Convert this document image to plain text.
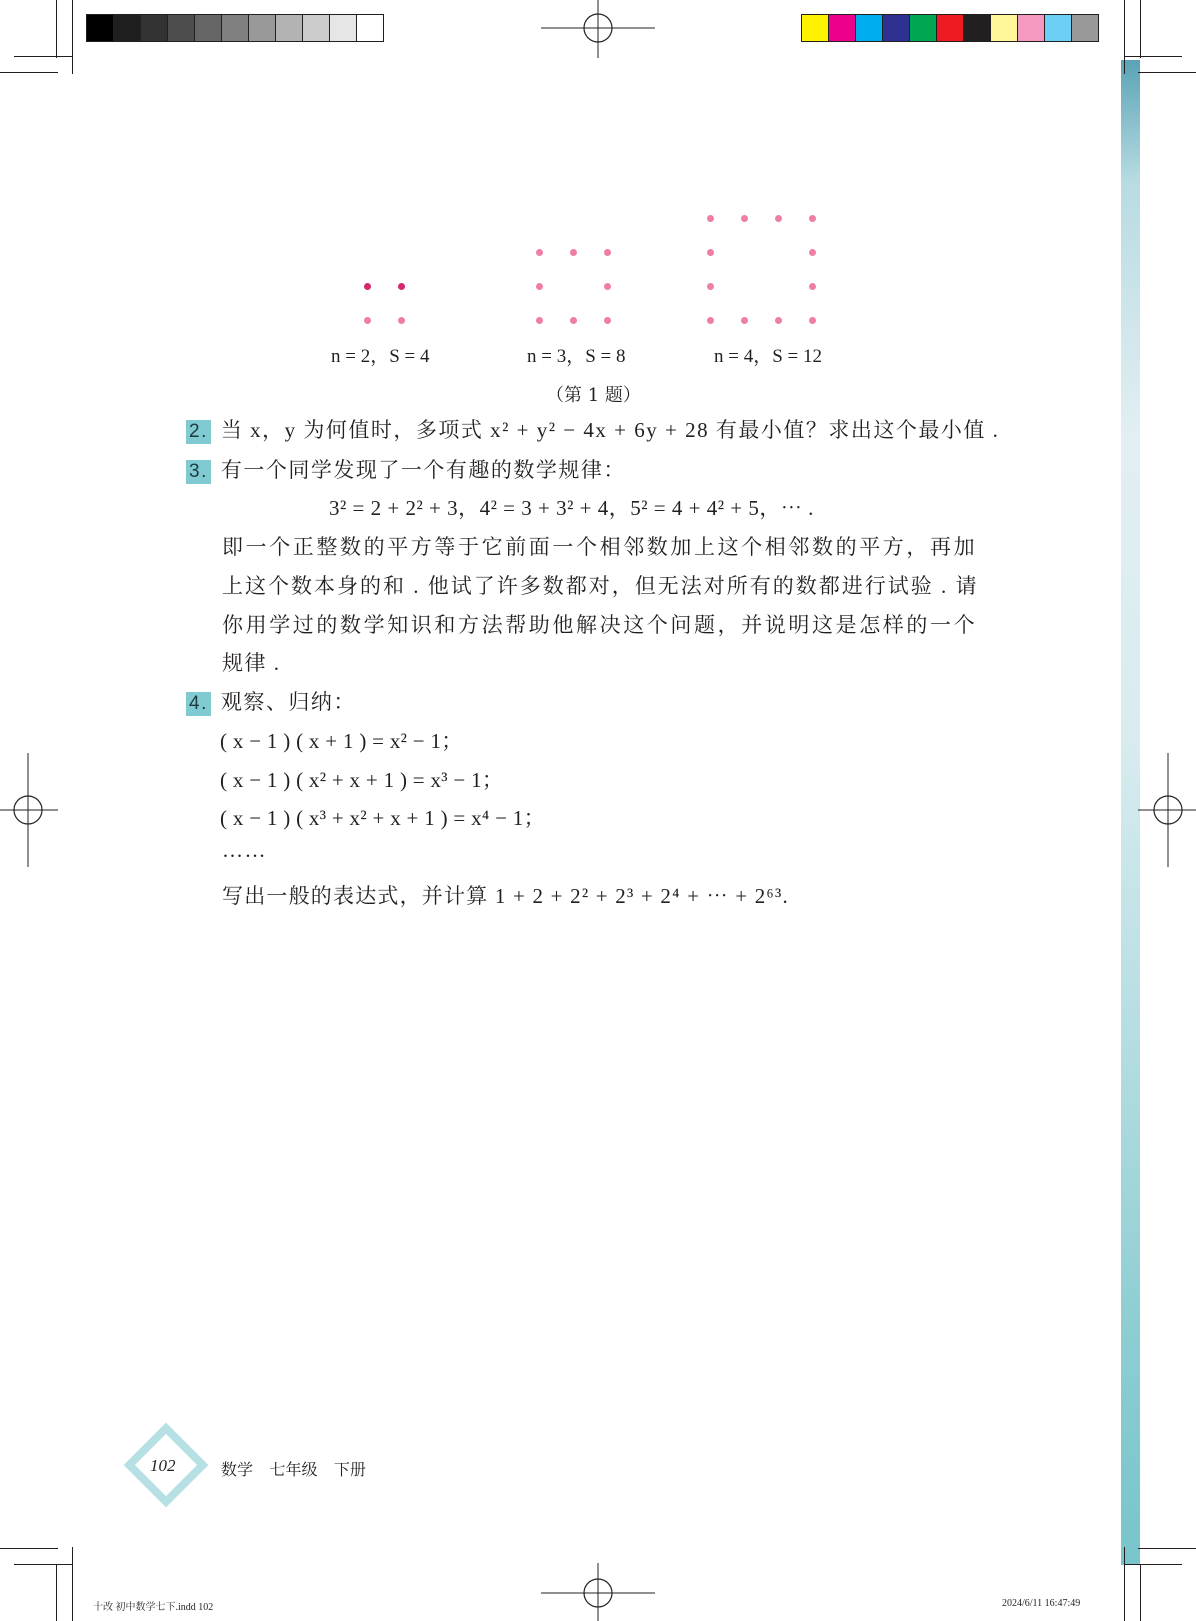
n = 2，S = 4	n = 3，S = 8	n = 4，S = 12
（第 1 题）
2. 当 x，y 为何值时，多项式 x² + y² − 4x + 6y + 28 有最小值？求出这个最小值 .
3. 有一个同学发现了一个有趣的数学规律：
3² = 2 + 2² + 3，4² = 3 + 3² + 4，5² = 4 + 4² + 5，⋯ .
即一个正整数的平方等于它前面一个相邻数加上这个相邻数的平方，再加
上这个数本身的和 . 他试了许多数都对，但无法对所有的数都进行试验 . 请
你用学过的数学知识和方法帮助他解决这个问题，并说明这是怎样的一个
规律 .
4. 观察、归纳：
( x − 1 ) ( x + 1 ) = x² − 1；
( x − 1 ) ( x² + x + 1 ) = x³ − 1；
( x − 1 ) ( x³ + x² + x + 1 ) = x⁴ − 1；
……
写出一般的表达式，并计算 1 + 2 + 2² + 2³ + 2⁴ + ⋯ + 2⁶³.
102	数学 七年级 下册
十改 初中数学七下.indd 102	2024/6/11 16:47:49
